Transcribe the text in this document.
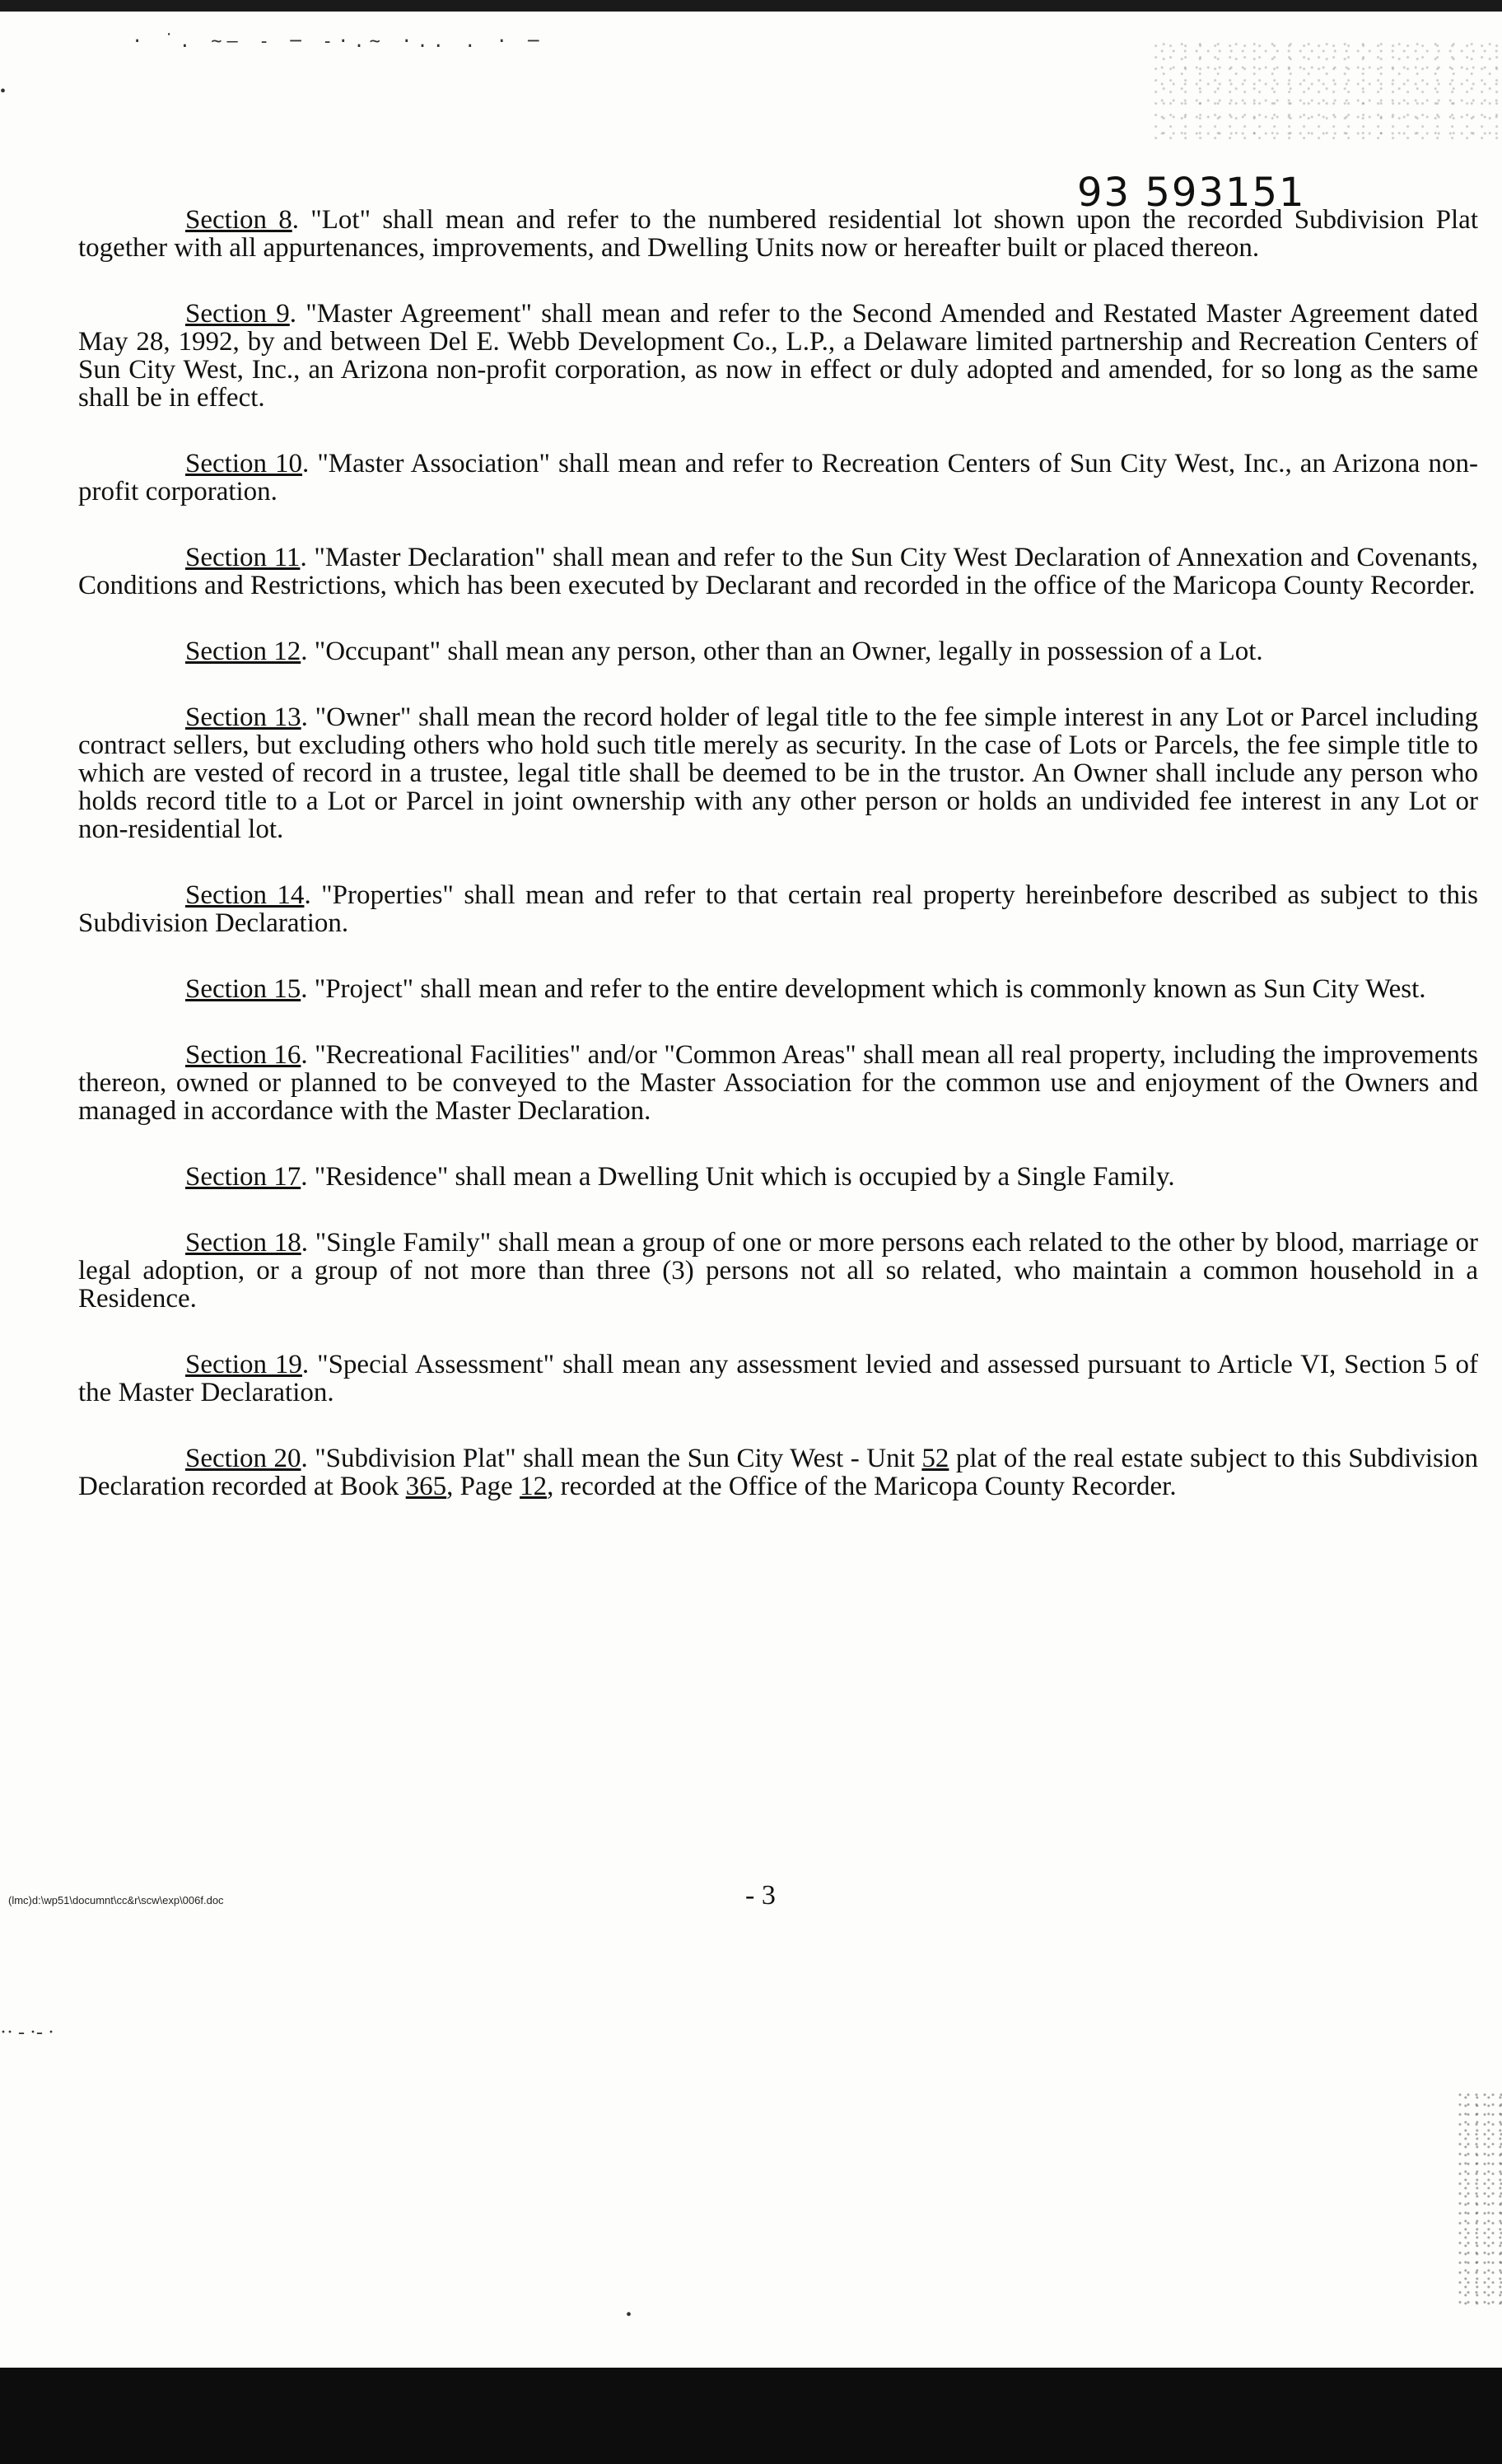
· ˙. ~— ‐ ─ ‐·.~ ·.. . · ─
•
93 593151

Section 8. "Lot" shall mean and refer to the numbered residential lot shown upon the recorded Subdivision Plat together with all appurtenances, improvements, and Dwelling Units now or hereafter built or placed thereon.

Section 9. "Master Agreement" shall mean and refer to the Second Amended and Restated Master Agreement dated May 28, 1992, by and between Del E. Webb Development Co., L.P., a Delaware limited partnership and Recreation Centers of Sun City West, Inc., an Arizona non-profit corporation, as now in effect or duly adopted and amended, for so long as the same shall be in effect.

Section 10. "Master Association" shall mean and refer to Recreation Centers of Sun City West, Inc., an Arizona non-profit corporation.

Section 11. "Master Declaration" shall mean and refer to the Sun City West Declaration of Annexation and Covenants, Conditions and Restrictions, which has been executed by Declarant and recorded in the office of the Maricopa County Recorder.

Section 12. "Occupant" shall mean any person, other than an Owner, legally in possession of a Lot.

Section 13. "Owner" shall mean the record holder of legal title to the fee simple interest in any Lot or Parcel including contract sellers, but excluding others who hold such title merely as security. In the case of Lots or Parcels, the fee simple title to which are vested of record in a trustee, legal title shall be deemed to be in the trustor. An Owner shall include any person who holds record title to a Lot or Parcel in joint ownership with any other person or holds an undivided fee interest in any Lot or non-residential lot.

Section 14. "Properties" shall mean and refer to that certain real property hereinbefore described as subject to this Subdivision Declaration.

Section 15. "Project" shall mean and refer to the entire development which is commonly known as Sun City West.

Section 16. "Recreational Facilities" and/or "Common Areas" shall mean all real property, including the improvements thereon, owned or planned to be conveyed to the Master Association for the common use and enjoyment of the Owners and managed in accordance with the Master Declaration.

Section 17. "Residence" shall mean a Dwelling Unit which is occupied by a Single Family.

Section 18. "Single Family" shall mean a group of one or more persons each related to the other by blood, marriage or legal adoption, or a group of not more than three (3) persons not all so related, who maintain a common household in a Residence.

Section 19. "Special Assessment" shall mean any assessment levied and assessed pursuant to Article VI, Section 5 of the Master Declaration.

Section 20. "Subdivision Plat" shall mean the Sun City West - Unit 52 plat of the real estate subject to this Subdivision Declaration recorded at Book 365, Page 12, recorded at the Office of the Maricopa County Recorder.

(lmc)d:\wp51\documnt\cc&r\scw\exp\006f.doc	- 3
·· - ·- ·
•
